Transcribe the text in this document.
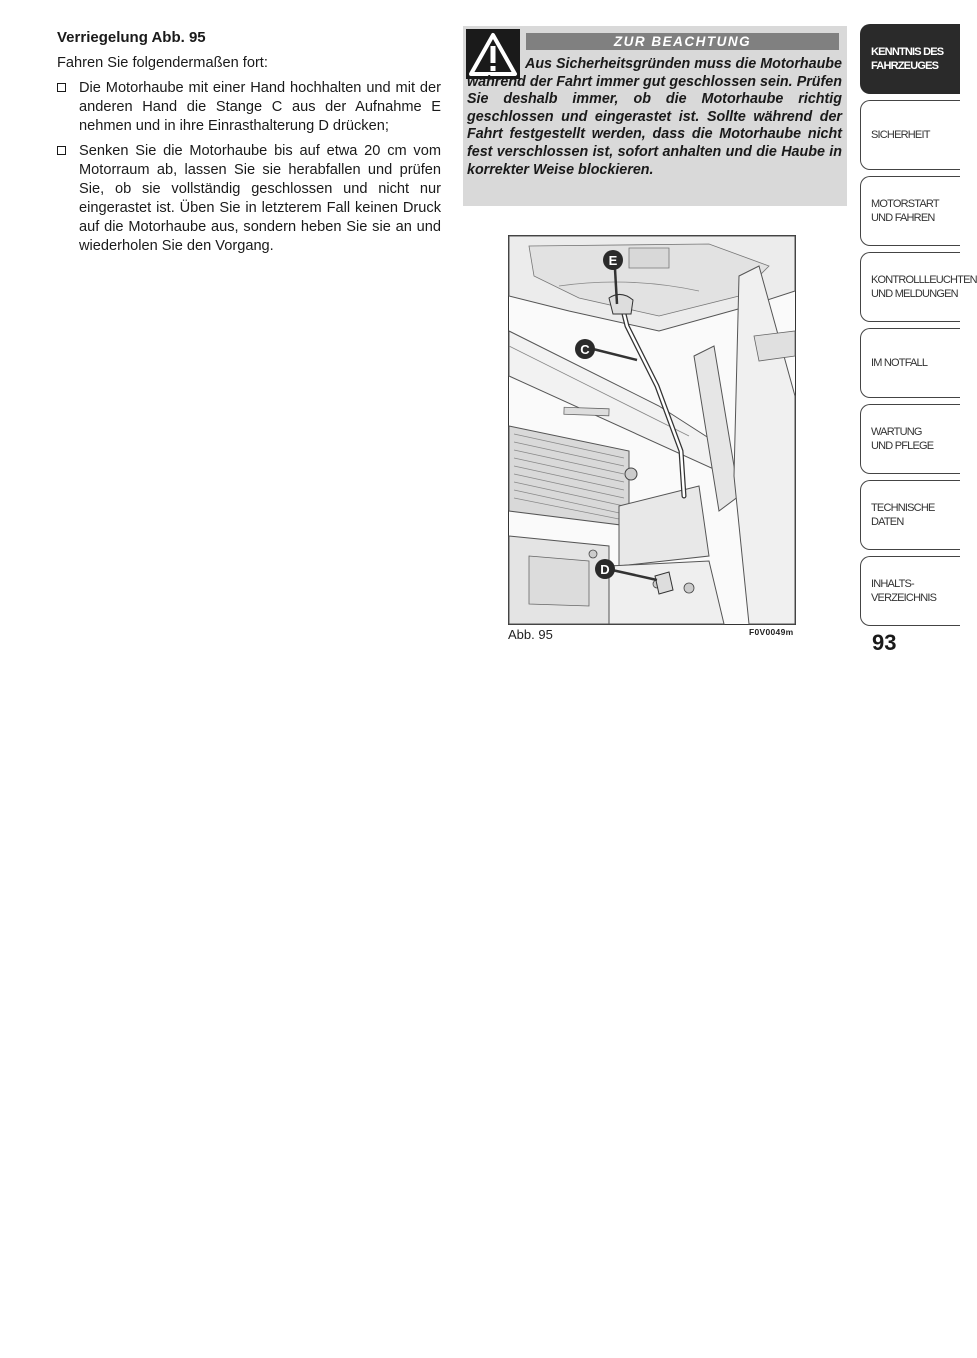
Verriegelung Abb. 95

Fahren Sie folgendermaßen fort:

Die Motorhaube mit einer Hand hochhalten und mit der anderen Hand die Stange C aus der Aufnahme E nehmen und in ihre Einrasthalterung D drücken;
Senken Sie die Motorhaube bis auf etwa 20 cm vom Motorraum ab, lassen Sie sie herabfallen und prüfen Sie, ob sie vollständig geschlossen und nicht nur eingerastet ist. Üben Sie in letzterem Fall keinen Druck auf die Motorhaube aus, sondern heben Sie sie an und wiederholen Sie den Vorgang.
ZUR BEACHTUNG

Aus Sicherheitsgründen muss die Motorhaube während der Fahrt immer gut geschlossen sein. Prüfen Sie deshalb immer, ob die Motorhaube richtig geschlossen und eingerastet ist. Sollte während der Fahrt festgestellt werden, dass die Motorhaube nicht fest verschlossen ist, sofort anhalten und die Haube in korrekter Weise blockieren.

E
C
D
Abb. 95	F0V0049m
KENNTNIS DES
FAHRZEUGES
SICHERHEIT
MOTORSTART
UND FAHREN
KONTROLLLEUCHTEN
UND MELDUNGEN
IM NOTFALL
WARTUNG
UND PFLEGE
TECHNISCHE DATEN
INHALTS-
VERZEICHNIS
93
